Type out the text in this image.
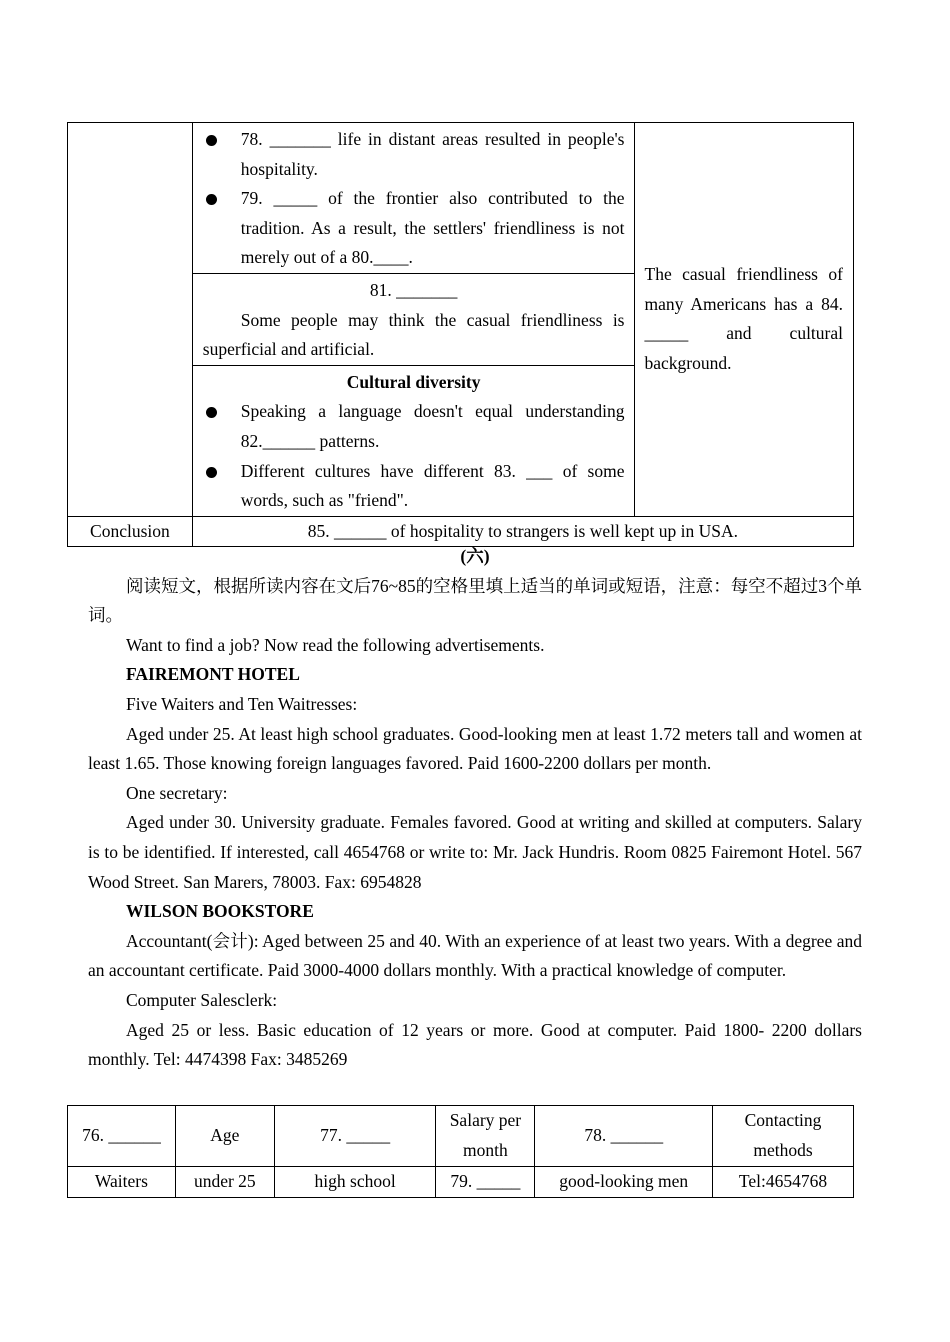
	78. _______ life in distant areas resulted in people's hospitality.
79. _____ of the frontier also contributed to the tradition. As a result, the settlers' friendliness is not merely out of a 80.____.	The casual friendliness of many Americans has a 84. _____ and cultural background.

	81. _______
Some people may think the casual friendliness is superficial and artificial.	

	Cultural diversity
Speaking a language doesn't equal understanding 82.______ patterns.
Different cultures have different 83. ___ of some words, such as "friend".	

Conclusion	85. ______ of hospitality to strangers is well kept up in USA.	

(六)

阅读短文，根据所读内容在文后76~85的空格里填上适当的单词或短语，注意：每空不超过3个单词。

Want to find a job? Now read the following advertisements.

FAIREMONT HOTEL

Five Waiters and Ten Waitresses:

Aged under 25. At least high school graduates. Good-looking men at least 1.72 meters tall and women at least 1.65. Those knowing foreign languages favored. Paid 1600-2200 dollars per month.

One secretary:

Aged under 30. University graduate. Females favored. Good at writing and skilled at computers. Salary is to be identified. If interested, call 4654768 or write to: Mr. Jack Hundris. Room 0825 Fairemont Hotel. 567 Wood Street. San Marers, 78003. Fax: 6954828

WILSON BOOKSTORE

Accountant(会计): Aged between 25 and 40. With an experience of at least two years. With a degree and an accountant certificate. Paid 3000-4000 dollars monthly. With a practical knowledge of computer.

Computer Salesclerk:

Aged 25 or less. Basic education of 12 years or more. Good at computer. Paid 1800- 2200 dollars monthly. Tel: 4474398 Fax: 3485269

76. ______	Age	77. _____	Salary per month	78. ______	Contacting methods
Waiters	under 25	high school	79. _____	good-looking men	Tel:4654768
